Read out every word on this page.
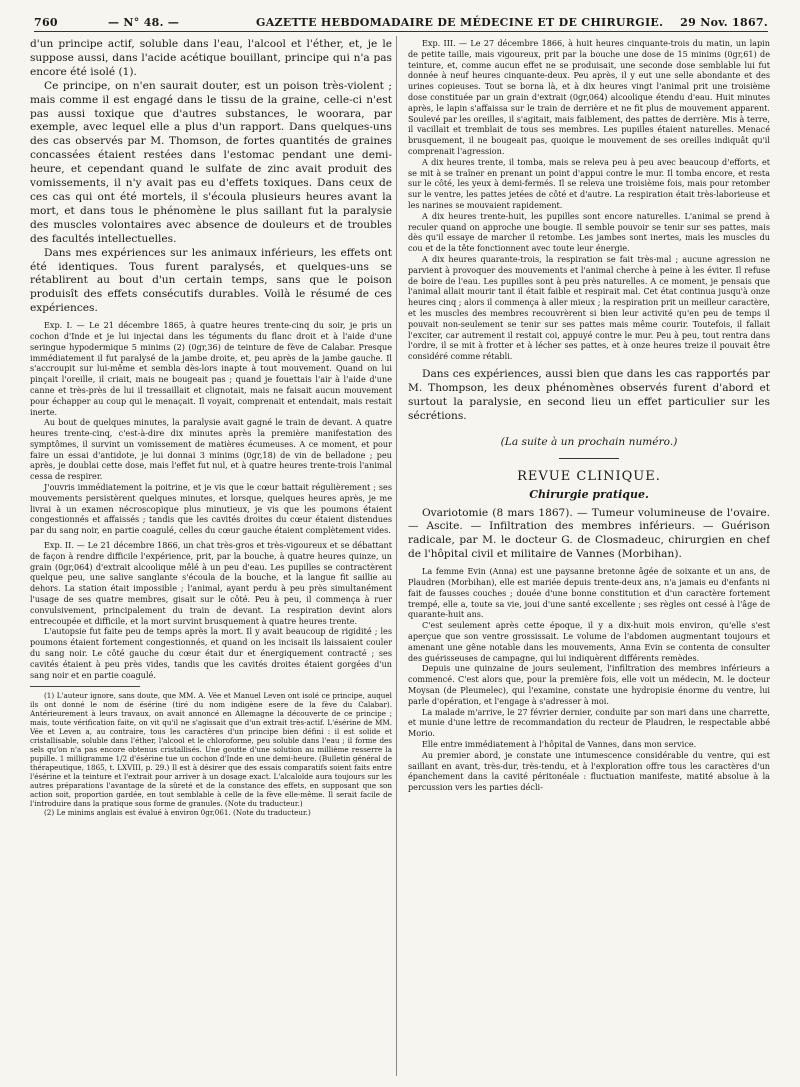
760	— N° 48. —	GAZETTE HEBDOMADAIRE DE MÉDECINE ET DE CHIRURGIE. 29 Nov. 1867.

d'un principe actif, soluble dans l'eau, l'alcool et l'éther, et, je le suppose aussi, dans l'acide acétique bouillant, principe qui n'a pas encore été isolé (1).

Ce principe, on n'en saurait douter, est un poison très-violent ; mais comme il est engagé dans le tissu de la graine, celle-ci n'est pas aussi toxique que d'autres substances, le woorara, par exemple, avec lequel elle a plus d'un rapport. Dans quelques-uns des cas observés par M. Thomson, de fortes quantités de graines concassées étaient restées dans l'estomac pendant une demi-heure, et cependant quand le sulfate de zinc avait produit des vomissements, il n'y avait pas eu d'effets toxiques. Dans ceux de ces cas qui ont été mortels, il s'écoula plusieurs heures avant la mort, et dans tous le phénomène le plus saillant fut la paralysie des muscles volontaires avec absence de douleurs et de troubles des facultés intellectuelles.

Dans mes expériences sur les animaux inférieurs, les effets ont été identiques. Tous furent paralysés, et quelques-uns se rétablirent au bout d'un certain temps, sans que le poison produisît des effets consécutifs durables. Voilà le résumé de ces expériences.

Exp. I. — Le 21 décembre 1865, à quatre heures trente-cinq du soir, je pris un cochon d'Inde et je lui injectai dans les téguments du flanc droit et à l'aide d'une seringue hypodermique 5 minims (2) (0gr,36) de teinture de fève de Calabar. Presque immédiatement il fut paralysé de la jambe droite, et, peu après de la jambe gauche. Il s'accroupit sur lui-même et sembla dès-lors inapte à tout mouvement. Quand on lui pinçait l'oreille, il criait, mais ne bougeait pas ; quand je fouettais l'air à l'aide d'une canne et très-près de lui il tressaillait et clignotait, mais ne faisait aucun mouvement pour échapper au coup qui le menaçait. Il voyait, comprenait et entendait, mais restait inerte.

Au bout de quelques minutes, la paralysie avait gagné le train de devant. A quatre heures trente-cinq, c'est-à-dire dix minutes après la première manifestation des symptômes, il survint un vomissement de matières écumeuses. A ce moment, et pour faire un essai d'antidote, je lui donnai 3 minims (0gr,18) de vin de belladone ; peu après, je doublai cette dose, mais l'effet fut nul, et à quatre heures trente-trois l'animal cessa de respirer.

J'ouvris immédiatement la poitrine, et je vis que le cœur battait régulièrement ; ses mouvements persistèrent quelques minutes, et lorsque, quelques heures après, je me livrai à un examen nécroscopique plus minutieux, je vis que les poumons étaient congestionnés et affaissés ; tandis que les cavités droites du cœur étaient distendues par du sang noir, en partie coagulé, celles du cœur gauche étaient complètement vides.

Exp. II. — Le 21 décembre 1866, un chat très-gros et très-vigoureux et se débattant de façon à rendre difficile l'expérience, prit, par la bouche, à quatre heures quinze, un grain (0gr,064) d'extrait alcoolique mêlé à un peu d'eau. Les pupilles se contractèrent quelque peu, une salive sanglante s'écoula de la bouche, et la langue fit saillie au dehors. La station était impossible ; l'animal, ayant perdu à peu près simultanément l'usage de ses quatre membres, gisait sur le côté. Peu à peu, il commença à ruer convulsivement, principalement du train de devant. La respiration devint alors entrecoupée et difficile, et la mort survint brusquement à quatre heures trente.

L'autopsie fut faite peu de temps après la mort. Il y avait beaucoup de rigidité ; les poumons étaient fortement congestionnés, et quand on les incisait ils laissaient couler du sang noir. Le côté gauche du cœur était dur et énergiquement contracté ; ses cavités étaient à peu près vides, tandis que les cavités droites étaient gorgées d'un sang noir et en partie coagulé.

(1) L'auteur ignore, sans doute, que MM. A. Vée et Manuel Leven ont isolé ce principe, auquel ils ont donné le nom de ésérine (tiré du nom indigène esere de la fève du Calabar). Antérieurement à leurs travaux, on avait annoncé en Allemagne la découverte de ce principe ; mais, toute vérification faite, on vit qu'il ne s'agissait que d'un extrait très-actif. L'ésérine de MM. Vée et Leven a, au contraire, tous les caractères d'un principe bien défini : il est solide et cristallisable, soluble dans l'éther, l'alcool et le chloroforme, peu soluble dans l'eau ; il forme des sels qu'on n'a pas encore obtenus cristallisés. Une goutte d'une solution au millième resserre la pupille. 1 milligramme 1/2 d'ésérine tue un cochon d'Inde en une demi-heure. (Bulletin général de thérapeutique, 1865, t. LXVIII, p. 29.) Il est à désirer que des essais comparatifs soient faits entre l'ésérine et la teinture et l'extrait pour arriver à un dosage exact. L'alcaloïde aura toujours sur les autres préparations l'avantage de la sûreté et de la constance des effets, en supposant que son action soit, proportion gardée, en tout semblable à celle de la fève elle-même. Il serait facile de l'introduire dans la pratique sous forme de granules. (Note du traducteur.)

(2) Le minims anglais est évalué à environ 0gr,061. (Note du traducteur.)

Exp. III. — Le 27 décembre 1866, à huit heures cinquante-trois du matin, un lapin de petite taille, mais vigoureux, prit par la bouche une dose de 15 minims (0gr,61) de teinture, et, comme aucun effet ne se produisait, une seconde dose semblable lui fut donnée à neuf heures cinquante-deux. Peu après, il y eut une selle abondante et des urines copieuses. Tout se borna là, et à dix heures vingt l'animal prit une troisième dose constituée par un grain d'extrait (0gr,064) alcoolique étendu d'eau. Huit minutes après, le lapin s'affaissa sur le train de derrière et ne fit plus de mouvement apparent. Soulevé par les oreilles, il s'agitait, mais faiblement, des pattes de derrière. Mis à terre, il vacillait et tremblait de tous ses membres. Les pupilles étaient naturelles. Menacé brusquement, il ne bougeait pas, quoique le mouvement de ses oreilles indiquât qu'il comprenait l'agression.

A dix heures trente, il tomba, mais se releva peu à peu avec beaucoup d'efforts, et se mit à se traîner en prenant un point d'appui contre le mur. Il tomba encore, et resta sur le côté, les yeux à demi-fermés. Il se releva une troisième fois, mais pour retomber sur le ventre, les pattes jetées de côté et d'autre. La respiration était très-laborieuse et les narines se mouvaient rapidement.

A dix heures trente-huit, les pupilles sont encore naturelles. L'animal se prend à reculer quand on approche une bougie. Il semble pouvoir se tenir sur ses pattes, mais dès qu'il essaye de marcher il retombe. Les jambes sont inertes, mais les muscles du cou et de la tête fonctionnent avec toute leur énergie.

A dix heures quarante-trois, la respiration se fait très-mal ; aucune agression ne parvient à provoquer des mouvements et l'animal cherche à peine à les éviter. Il refuse de boire de l'eau. Les pupilles sont à peu près naturelles. A ce moment, je pensais que l'animal allait mourir tant il était faible et respirait mal. Cet état continua jusqu'à onze heures cinq ; alors il commença à aller mieux ; la respiration prit un meilleur caractère, et les muscles des membres recouvrèrent si bien leur activité qu'en peu de temps il pouvait non-seulement se tenir sur ses pattes mais même courir. Toutefois, il fallait l'exciter, car autrement il restait coi, appuyé contre le mur. Peu à peu, tout rentra dans l'ordre, il se mit à frotter et à lécher ses pattes, et à onze heures treize il pouvait être considéré comme rétabli.

Dans ces expériences, aussi bien que dans les cas rapportés par M. Thompson, les deux phénomènes observés furent d'abord et surtout la paralysie, en second lieu un effet particulier sur les sécrétions.

(La suite à un prochain numéro.)
REVUE CLINIQUE.
Chirurgie pratique.

Ovariotomie (8 mars 1867). — Tumeur volumineuse de l'ovaire. — Ascite. — Infiltration des membres inférieurs. — Guérison radicale, par M. le docteur G. de Closmadeuc, chirurgien en chef de l'hôpital civil et militaire de Vannes (Morbihan).

La femme Evin (Anna) est une paysanne bretonne âgée de soixante et un ans, de Plaudren (Morbihan), elle est mariée depuis trente-deux ans, n'a jamais eu d'enfants ni fait de fausses couches ; douée d'une bonne constitution et d'un caractère fortement trempé, elle a, toute sa vie, joui d'une santé excellente ; ses règles ont cessé à l'âge de quarante-huit ans.

C'est seulement après cette époque, il y a dix-huit mois environ, qu'elle s'est aperçue que son ventre grossissait. Le volume de l'abdomen augmentant toujours et amenant une gêne notable dans les mouvements, Anna Evin se contenta de consulter des guérisseuses de campagne, qui lui indiquèrent différents remèdes.

Depuis une quinzaine de jours seulement, l'infiltration des membres inférieurs a commencé. C'est alors que, pour la première fois, elle voit un médecin, M. le docteur Moysan (de Pleumelec), qui l'examine, constate une hydropisie énorme du ventre, lui parle d'opération, et l'engage à s'adresser à moi.

La malade m'arrive, le 27 février dernier, conduite par son mari dans une charrette, et munie d'une lettre de recommandation du recteur de Plaudren, le respectable abbé Morio.

Elle entre immédiatement à l'hôpital de Vannes, dans mon service.

Au premier abord, je constate une intumescence considérable du ventre, qui est saillant en avant, très-dur, très-tendu, et à l'exploration offre tous les caractères d'un épanchement dans la cavité péritonéale : fluctuation manifeste, matité absolue à la percussion vers les parties décli-
